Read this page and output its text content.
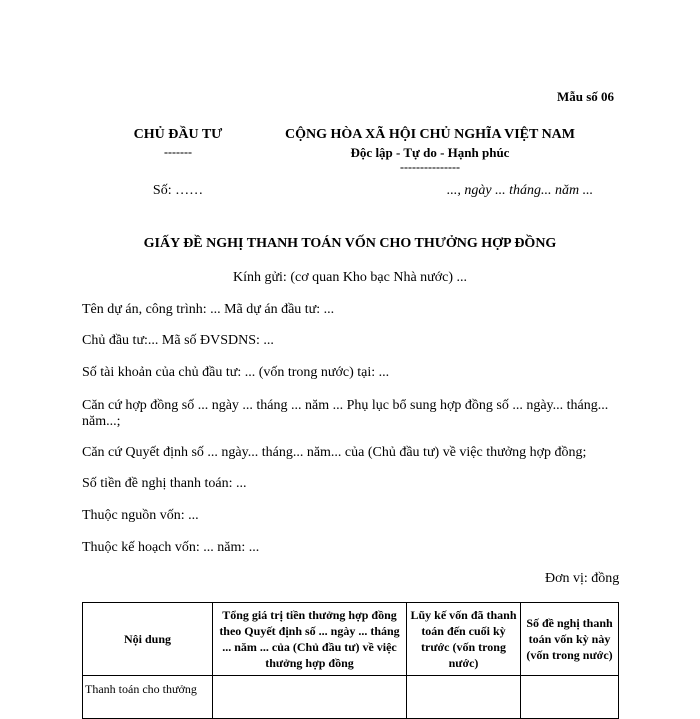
Mẫu số 06
CHỦ ĐẦU TƯ
-------
Số: ……
CỘNG HÒA XÃ HỘI CHỦ NGHĨA VIỆT NAM
Độc lập - Tự do - Hạnh phúc
---------------
..., ngày ... tháng... năm ...
GIẤY ĐỀ NGHỊ THANH TOÁN VỐN CHO THƯỞNG HỢP ĐỒNG
Kính gửi: (cơ quan Kho bạc Nhà nước) ...
Tên dự án, công trình: ... Mã dự án đầu tư: ...
Chủ đầu tư:... Mã số ĐVSDNS: ...
Số tài khoản của chủ đầu tư: ... (vốn trong nước) tại: ...
Căn cứ hợp đồng số ... ngày ... tháng ... năm ... Phụ lục bổ sung hợp đồng số ... ngày... tháng...
năm...;
Căn cứ Quyết định số ... ngày... tháng... năm... của (Chủ đầu tư) về việc thưởng hợp đồng;
Số tiền đề nghị thanh toán: ...
Thuộc nguồn vốn: ...
Thuộc kế hoạch vốn: ... năm: ...
Đơn vị: đồng
Nội dung	Tổng giá trị tiền thưởng hợp đồng theo Quyết định số ... ngày ... tháng ... năm ... của (Chủ đầu tư) về việc thưởng hợp đồng	Lũy kế vốn đã thanh toán đến cuối kỳ trước (vốn trong nước)	Số đề nghị thanh toán vốn kỳ này (vốn trong nước)
Thanh toán cho thưởng			
